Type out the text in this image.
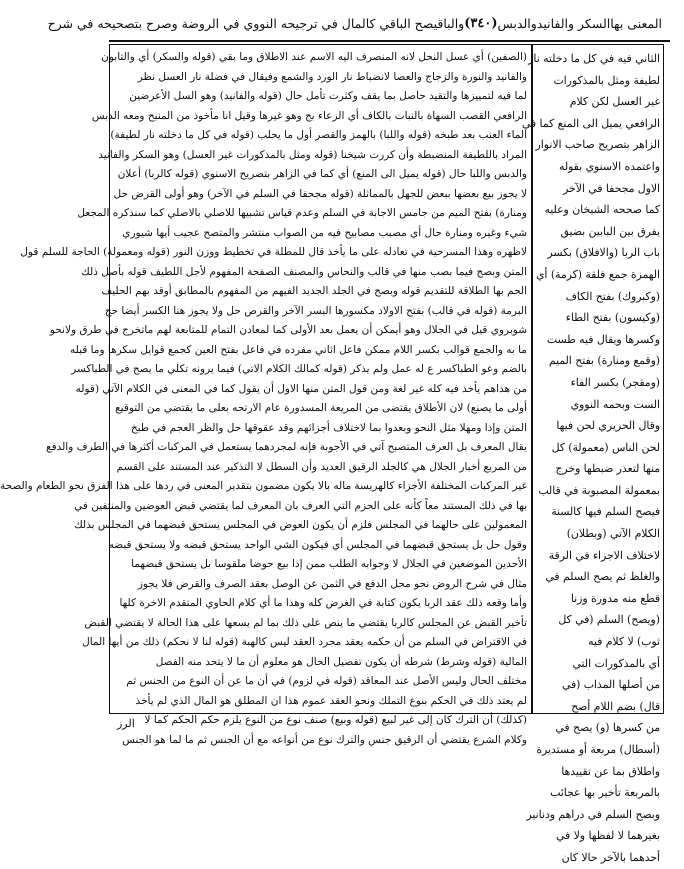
المعنى بهاالسكر والفانيدوالدبس
(٣٤٠)
والباقيصح الباقي كالمال في ترجيحه النووي في الروضة وصرح بتصحيحه في شرح
الثاني فيه في كل ما دخلته نار
لطيفة ومثل بالمذكورات
غير العسل لكن كلام
الرافعي يميل الى المنع كما في
الزاهر بتصريح صاحب الانوار
واعتمده الاسنوي بقوله
الاول مجحفا في الآخر
كما صححه الشيخان وعليه
يفرق بين البابين بضيق
باب الربا (والافلاق) بكسر
الهمزة جمع فلقة (كرمة) أي
(وكبروك) بفتح الكاف
(وكيسون) بفتح الطاء
وكسرها ويقال فيه طست
(وقمع ومنارة) بفتح الميم
(ومقجر) بكسر الفاء
الست وبحمه النووي
وقال الحريري لحن فيها
لحن الناس (معمولة) كل
منها لتعذر ضبطها وخرج
بمعمولة المصبوبة في قالب
فيصح السلم فيها كالسنة
الكلام الآتي (وبطلان)
لاختلاف الاجزاء في الرقة
والغلظ ثم يصح السلم في
قطع منه مدورة وزنا
(ويصح) السلم (في كل
ثوب) لا كلام فيه
أي بالمذكورات التي
من أصلها المذاب (في
قال) بضم اللام أصح
من كسرها (و) يصح في
(أسطال) مربعة أو مستديرة
واطلاق بما عن تقييدها
بالمربعة تأخير بها عجائب
وبصح السلم في دراهم ودنانير
بغيرهما لا لفظها ولا في
أحدهما بالآخر حالا كان
(الصفين) أي عسل النحل لانه المنصرف اليه الاسم عند الاطلاق وما بقي (قوله والسكر) أي والتابون
والفانيد والنورة والزجاج والعصا لانضباط نار الورد والشمع وفيقال في فضلة نار العسل نظر
لما فيه لتمييزها والتقيد حاصل بما يقف وكثرت تأمل حال (قوله والفانيد) وهو السل الأعرضين
الرافعي القصب السهاة بالنبات بالكاف أي الزعاء بج وهو غيرها وقيل انا مأخوذ من المنبح ومعه الدبس
الماء العنب بعد طبخه (قوله واللبا) بالهمز والقصر أول ما يحلب (قوله في كل ما دخلته نار لطيفة)
المراد باللطيفة المنضبطة وأن كررت شيخنا (قوله ومثل بالمذكورات غير العسل) وهو السكر والفانيد
والدبس واللبا حال (قوله يميل الى المنع) أي كما في الزاهر بتصريح الاسنوي (قوله كالربا) أعلان
لا يجوز بيع بعضها ببعض للجهل بالمماثلة (قوله مجحفا في السلم في الآخر) وهو أولى القرض حل
ومنارة) بفتح الميم من جامس الاجابة في السلم وعدم قياس تشبيها للاصلي بالاصلي كما سنذكره المجعل
شيء وغيره ومنارة حال أي مصبب مصابيح فيه من الصواب منتشر والمتصح عجيب أيها شيوري
لاظهره وهذا المسرحية في تعادله على ما يأخذ قال للمطلة في تخطيط ووزن النور (قوله ومعمولة) الحاجة للسلم قول
المتن وبصح فيما بصب منها في قالب والنحاس والمصنف الصفحة المفهوم لأجل اللطيف قوله بأصل ذلك
الحم بها الطلاقة للتقديم قوله وبصح في الجلد الجديد الفيهم من المفهوم بالمطابق أوقد بهم الحليف
البرمة (قوله في قالب) بفتح الاولاد مكسورها البسر الآخر والقرص حل ولا يجوز هنا الكسر أيضا حج
شوبروي قيل في الجلال وهو أيمكن أن يعمل بعد الأولى كما لمعادن التمام للمتابعة لهم ماتخرج في طرق ولانحو
ما به والجمع قوالب بكسر اللام ممكن فاعل اثاني مفرده في فاعل بفتح العين كجمع قوايل سكرها وما قبله
بالضم وعو الطباكسر ع له عمل ولم يذكر (قوله كمالك الكلام الاتي) فيما يرونه تكلي ما يصح في الطباكسر
من هذاهم يأخذ فيه كله غير لغة ومن قول المتن منها الاول أن يقول كما في المعنى في الكلام الآتي (قوله
أولى ما يصنع) لان الأطلاق يقتضى من المريعة المسدورة عام الارتحه بعلى ما يقتضي من التوقيع
المتن وإذا ومهلا مثل النحو وبعدوا بما لاختلاف أجزائهم وقد عقوقها حل والظر العجم في طبخ
يقال المعرف بل العرف المتصبح آتي في الأجوبة فإنه لمجردهما يستعمل في المركبات أكثرها في الطرف والدفع
من المربع أخبار الجلال هي كالجلد الرقيق العديد وأن السطل لا التذكير عند المستند على القسم
غير المركبات المختلفة الأجزاء كالهريسة ماله بالا يكون مضمون بتقدير المعنى في ردها على هذا الفرق نحو الطعام والصحة
بها في ذلك المستند معاً كأنه على الحزم التي العرف بان المعرف لما يقتضي قبض العوضين والمنتفين في
المعمولين على حالهما في المجلس فلزم أن يكون العوض في المجلس يستحق قبضهما في المجلس بذلك
وقول حل بل يستحق قبضهما في المجلس أي فيكون الشي الواحد يستحق قبضه ولا يستحق قبضه
الأحدين الموضعين في الجلال لا وجوابه الطلب ممن إذا بيع حوضا ملقوسا بل يستحق قبضهما
مثال في شرح الروض نحو محل الدفع في الثمن عن الوصل بعقد الصرف والقرض فلا يجوز
وأما وقعه ذلك عقد الربا يكون كتابة في الغرض كله وهذا ما أي كلام الحاوي المتقدم الاخرة كلها
تأخير القبض عن المجلس كالربا يقتضي ما ينص على ذلك بما لم يسعها على هذا الحالة لا يقتضي القبض
في الاقتراض في السلم من أن حكمه يعقد مجرد العقد ليس كالهبة (قوله لنا لا نحكم) ذلك من أيها المال
المالية (قوله وشرط) شرطه أن يكون تفصيل الحال هو معلوم أن ما لا يتحد منه الفصل
مختلف الحال وليس الأصل عند المعاقد (قوله في لزوم) في أن ما عن أن النوع من الجنس ثم
لم يعتد ذلك في الحكم بنوع التملك ونحو العقد عموم هذا ان المطلق هو المال الذي لم يأخذ
(كذلك) أن الترك كان إلى غير لبيع (قوله وبيع) صنف نوع من النوع يلزم حكم الحكم كما لا
وكلام الشرع يقتضي أن الرقيق جنس والترك نوع من أنواعه مع أن الجنس ثم ما لما هو الجنس
الرز
